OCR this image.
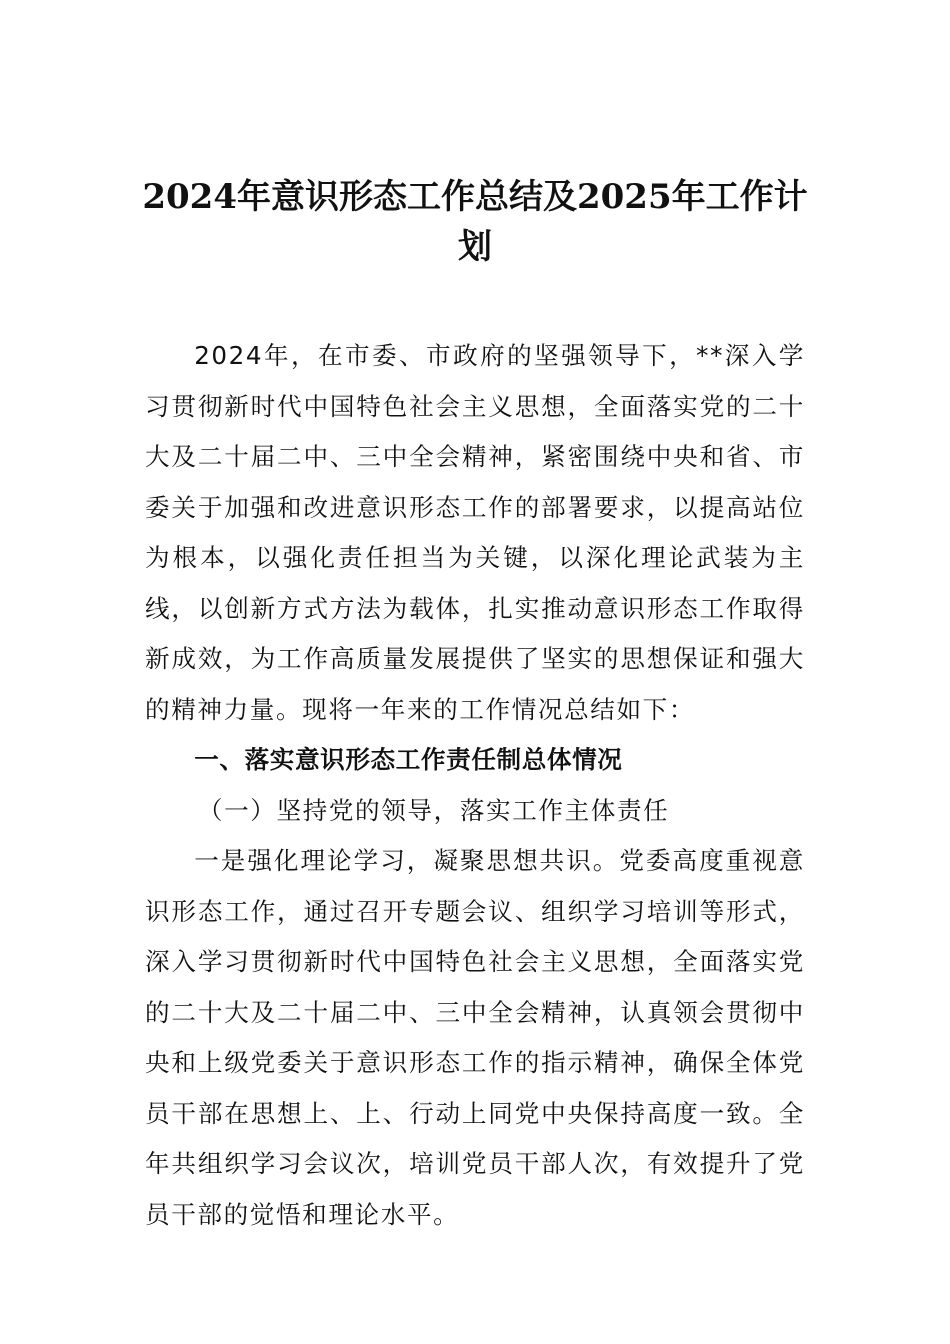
2024年意识形态工作总结及2025年工作计划

2024年，在市委、市政府的坚强领导下，**深入学习贯彻新时代中国特色社会主义思想，全面落实党的二十大及二十届二中、三中全会精神，紧密围绕中央和省、市委关于加强和改进意识形态工作的部署要求，以提高站位为根本，以强化责任担当为关键，以深化理论武装为主线，以创新方式方法为载体，扎实推动意识形态工作取得新成效，为工作高质量发展提供了坚实的思想保证和强大的精神力量。现将一年来的工作情况总结如下：

一、落实意识形态工作责任制总体情况

（一）坚持党的领导，落实工作主体责任

一是强化理论学习，凝聚思想共识。党委高度重视意识形态工作，通过召开专题会议、组织学习培训等形式，深入学习贯彻新时代中国特色社会主义思想，全面落实党的二十大及二十届二中、三中全会精神，认真领会贯彻中央和上级党委关于意识形态工作的指示精神，确保全体党员干部在思想上、上、行动上同党中央保持高度一致。全年共组织学习会议次，培训党员干部人次，有效提升了党员干部的觉悟和理论水平。
